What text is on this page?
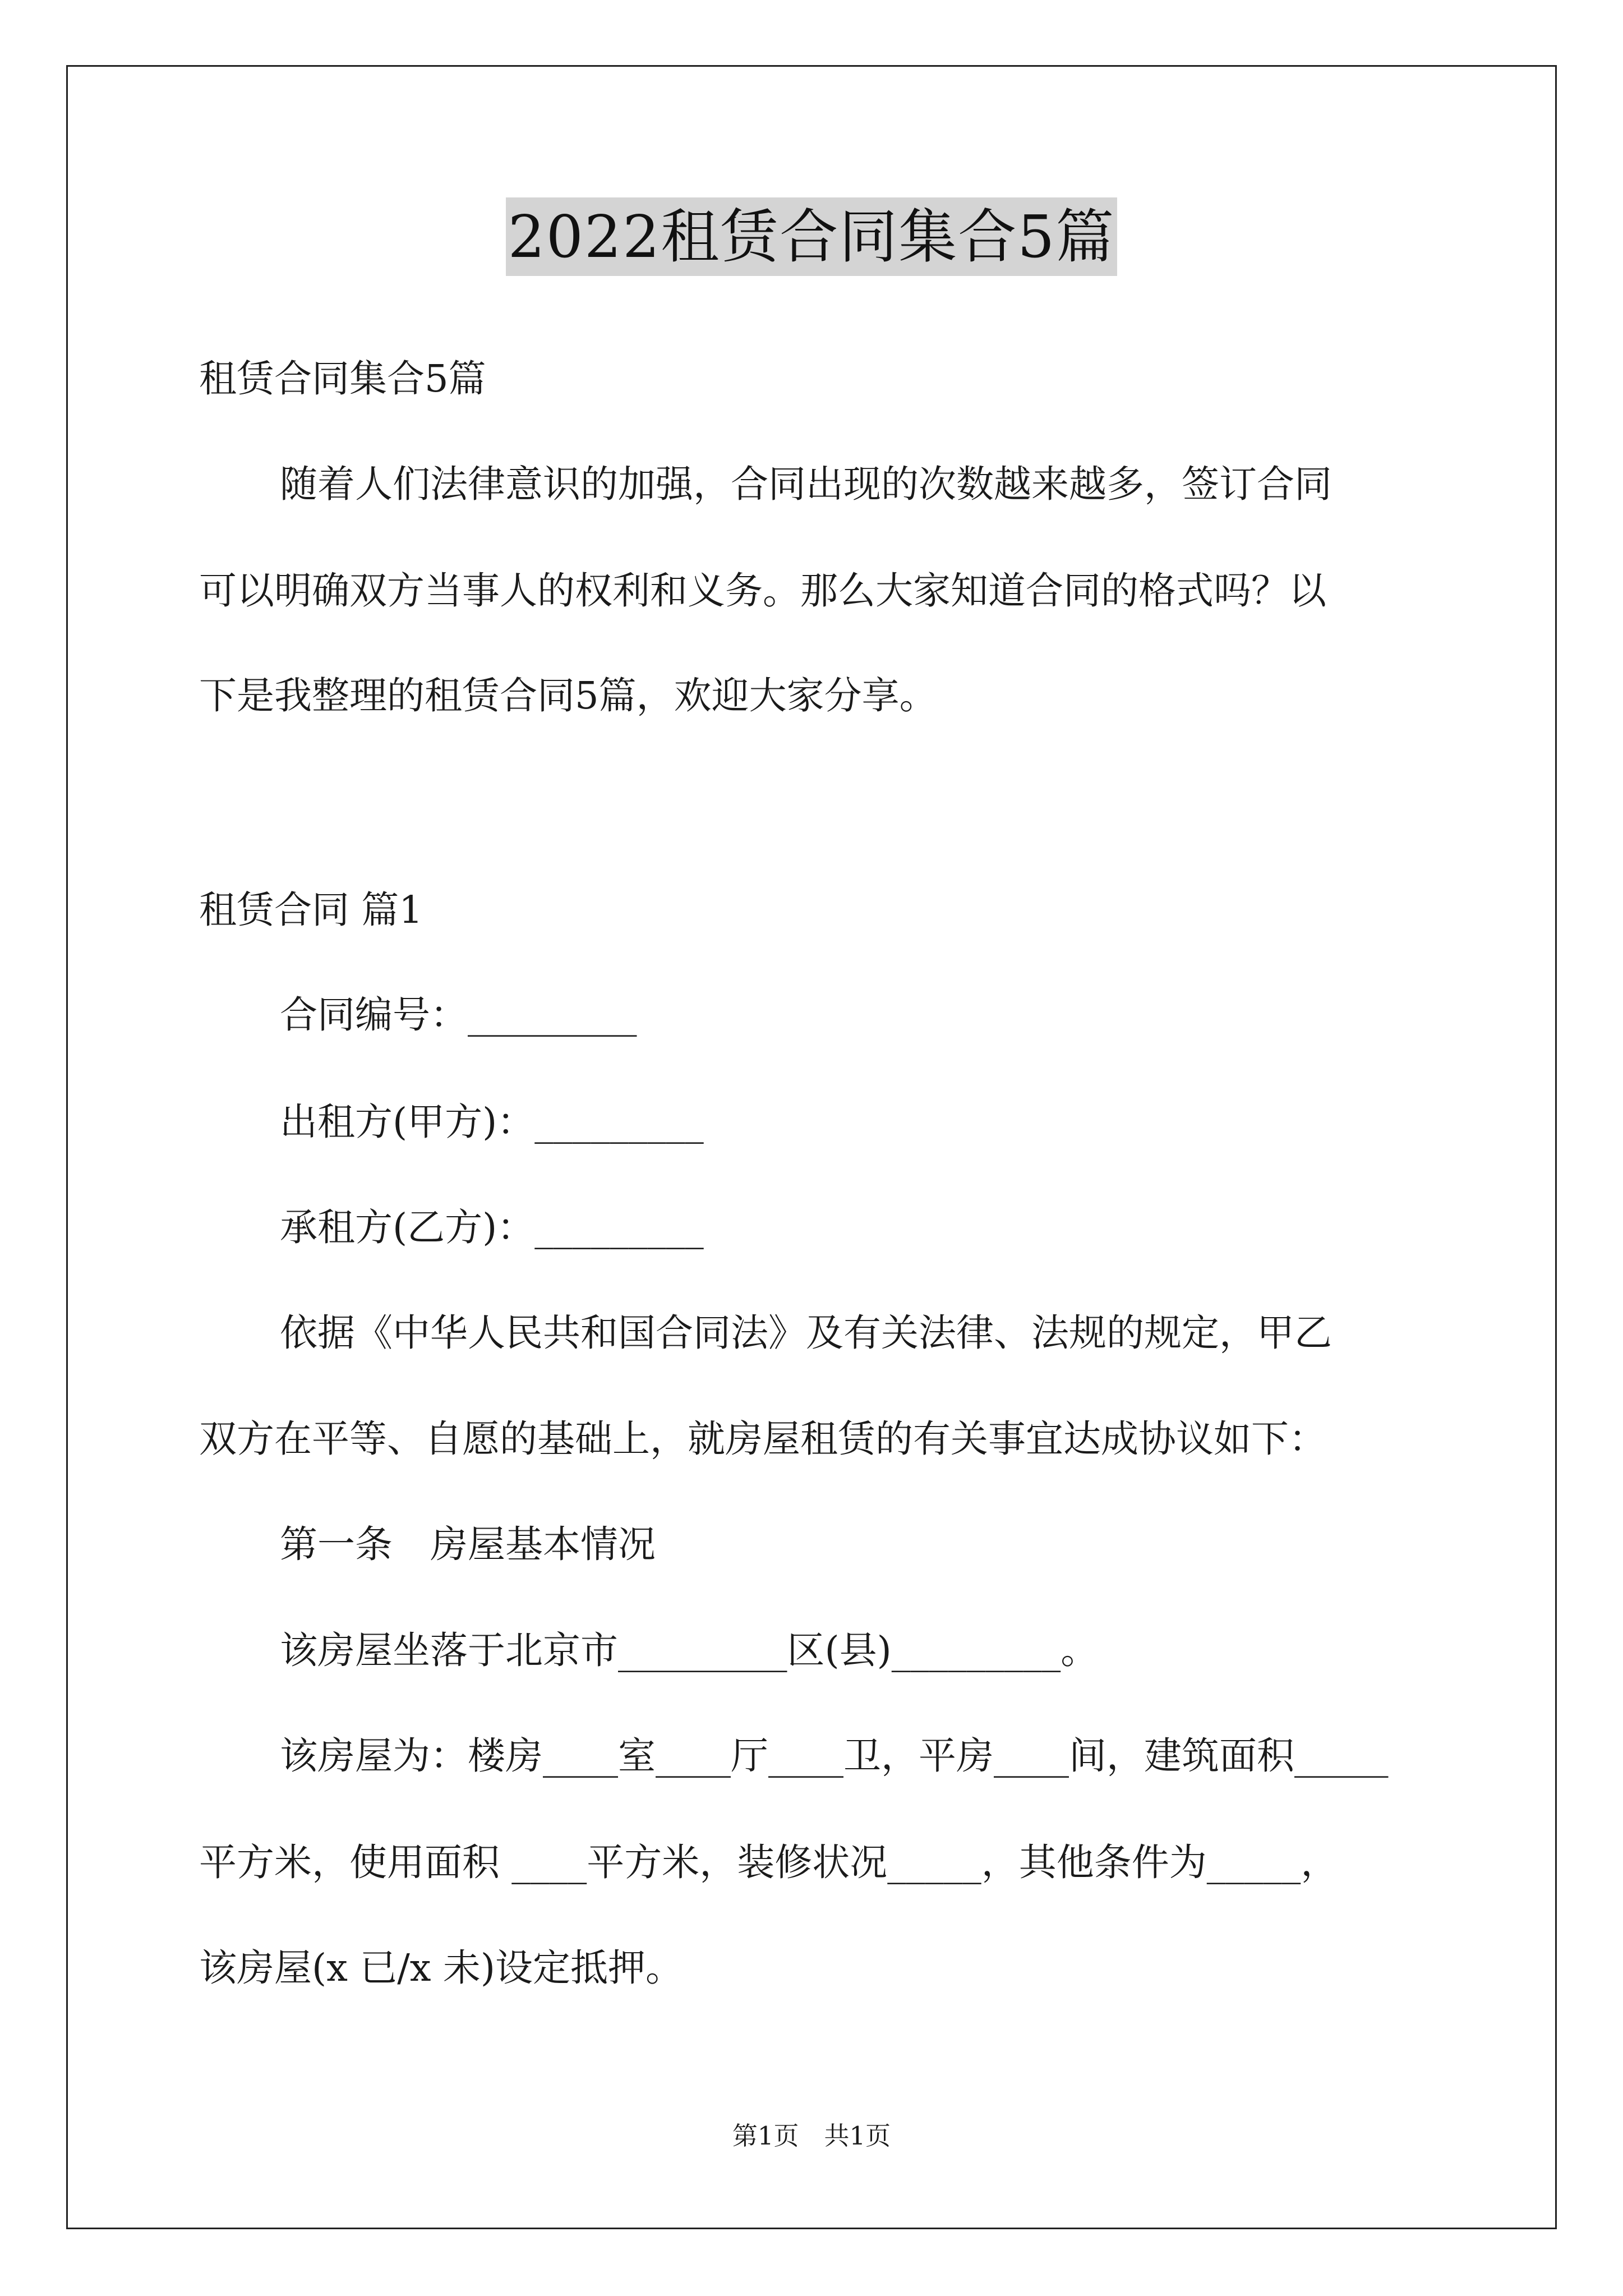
2022租赁合同集合5篇
租赁合同集合5篇
随着人们法律意识的加强，合同出现的次数越来越多，签订合同
可以明确双方当事人的权利和义务。那么大家知道合同的格式吗？以
下是我整理的租赁合同5篇，欢迎大家分享。
租赁合同 篇1
合同编号：_________
出租方(甲方)：_________
承租方(乙方)：_________
依据《中华人民共和国合同法》及有关法律、法规的规定，甲乙
双方在平等、自愿的基础上，就房屋租赁的有关事宜达成协议如下：
第一条　房屋基本情况
该房屋坐落于北京市_________区(县)_________。
该房屋为：楼房____室____厅____卫，平房____间，建筑面积_____
平方米，使用面积 ____平方米，装修状况_____，其他条件为_____，
该房屋(x 已/x 未)设定抵押。
第1页　共1页
